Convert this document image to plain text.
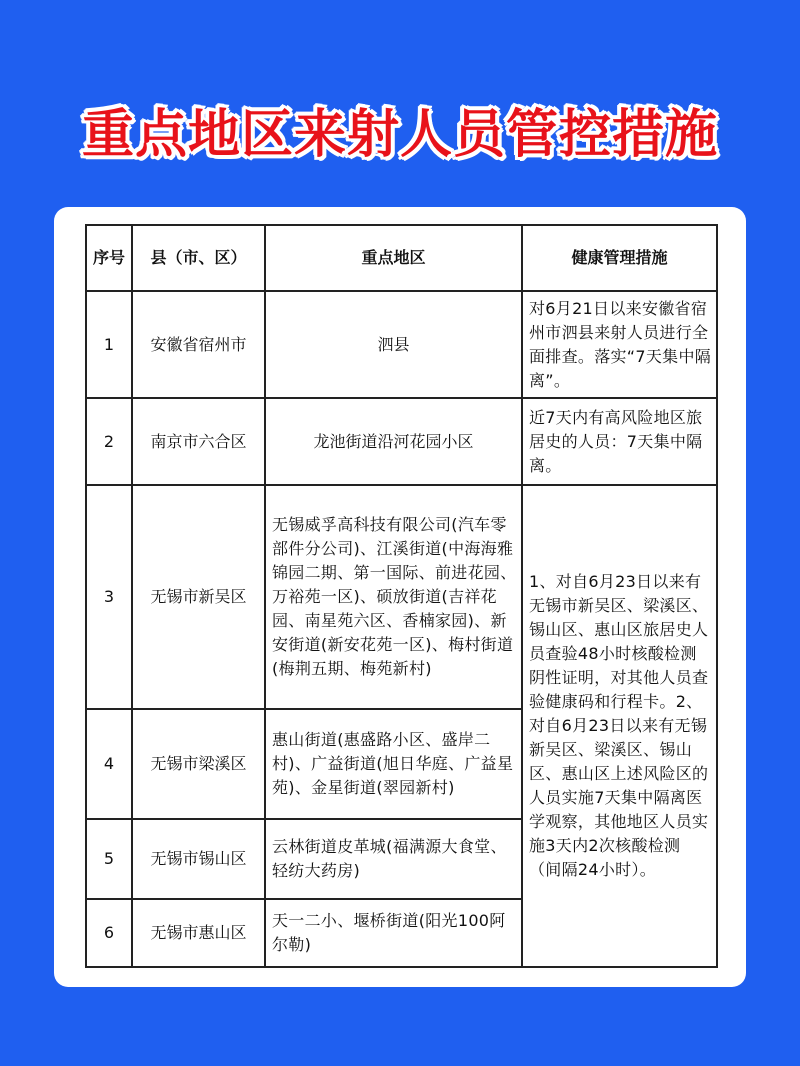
重点地区来射人员管控措施
序号	县（市、区）	重点地区	健康管理措施
1	安徽省宿州市	泗县	对6月21日以来安徽省宿州市泗县来射人员进行全面排查。落实“7天集中隔离”。
2	南京市六合区	龙池街道沿河花园小区	近7天内有高风险地区旅居史的人员：7天集中隔离。
3	无锡市新吴区	无锡威孚高科技有限公司(汽车零部件分公司)、江溪街道(中海海雅锦园二期、第一国际、前进花园、万裕苑一区)、硕放街道(吉祥花园、南星苑六区、香楠家园)、新安街道(新安花苑一区)、梅村街道(梅荆五期、梅苑新村)	1、对自6月23日以来有无锡市新吴区、梁溪区、锡山区、惠山区旅居史人员查验48小时核酸检测阴性证明，对其他人员查验健康码和行程卡。2、对自6月23日以来有无锡新吴区、梁溪区、锡山区、惠山区上述风险区的人员实施7天集中隔离医学观察，其他地区人员实施3天内2次核酸检测（间隔24小时）。
4	无锡市梁溪区	惠山街道(惠盛路小区、盛岸二村)、广益街道(旭日华庭、广益星苑)、金星街道(翠园新村)	
5	无锡市锡山区	云林街道皮革城(福满源大食堂、轻纺大药房)	
6	无锡市惠山区	天一二小、堰桥街道(阳光100阿尔勒)	
